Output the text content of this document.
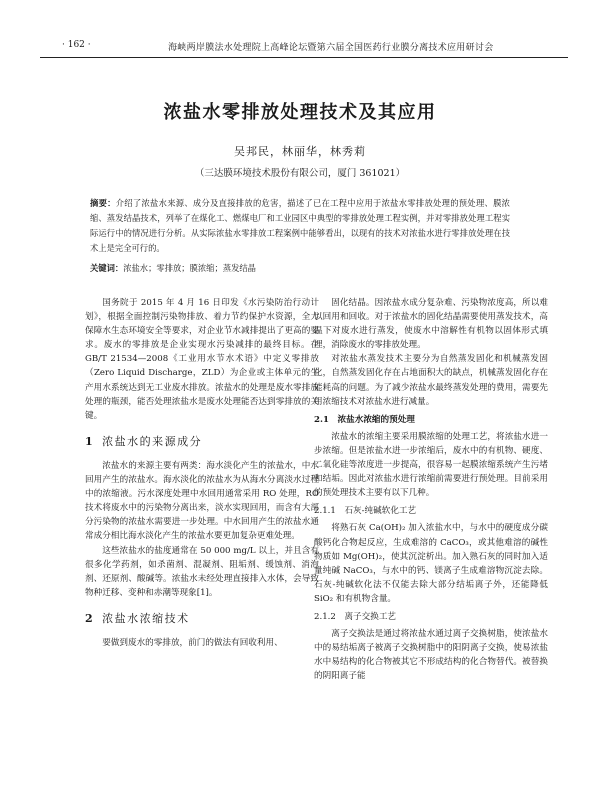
· 162 ·	海峡两岸膜法水处理院上高峰论坛暨第六届全国医药行业膜分离技术应用研讨会
浓盐水零排放处理技术及其应用
吴邦民，林丽华，林秀莉
（三达膜环境技术股份有限公司，厦门 361021）
摘要：介绍了浓盐水来源、成分及直接排放的危害，描述了已在工程中应用于浓盐水零排放处理的预处理、膜浓缩、蒸发结晶技术，列举了在煤化工、燃煤电厂和工业园区中典型的零排放处理工程实例，并对零排放处理工程实际运行中的情况进行分析。从实际浓盐水零排放工程案例中能够看出，以现有的技术对浓盐水进行零排放处理在技术上是完全可行的。
关键词：浓盐水；零排放；膜浓缩；蒸发结晶

国务院于 2015 年 4 月 16 日印发《水污染防治行动计划》，根据全面控制污染物排放、着力节约保护水资源，全力保障水生态环境安全等要求，对企业节水减排提出了更高的要求。废水的零排放是企业实现水污染减排的最终目标。在 GB/T 21534—2008《工业用水节水术语》中定义零排放（Zero Liquid Discharge，ZLD）为企业或主体单元的生产用水系统达到无工业废水排放。浓盐水的处理是废水零排放处理的瓶颈，能否处理浓盐水是废水处理能否达到零排放的关键。

1 浓盐水的来源成分

浓盐水的来源主要有两类：海水淡化产生的浓盐水，中水回用产生的浓盐水。海水淡化的浓盐水为从海水分离淡水过程中的浓缩液。污水深度处理中水回用通常采用 RO 处理，RO 技术将废水中的污染物分离出来，淡水实现回用，而含有大部分污染物的浓盐水需要进一步处理。中水回用产生的浓盐水通常成分相比海水淡化产生的浓盐水要更加复杂更难处理。

这些浓盐水的盐度通常在 50 000 mg/L 以上，并且含有很多化学药剂，如杀菌剂、混凝剂、阻垢剂、缓蚀剂、消泡剂、还原剂、酸碱等。浓盐水未经处理直接排入水体，会导致物种迁移、变种和赤潮等现象[1]。

2 浓盐水浓缩技术

要做到废水的零排放，前门的做法有回收利用、

固化结晶。因浓盐水成分复杂难、污染物浓度高，所以难以回用和回收。对于浓盐水的固化结晶需要使用蒸发技术，高温下对废水进行蒸发，使废水中溶解性有机物以固体形式填埋，消除废水的零排放处理。

对浓盐水蒸发技术主要分为自然蒸发固化和机械蒸发固化，自然蒸发固化存在占地面积大的缺点，机械蒸发固化存在能耗高的问题。为了减少浓盐水最终蒸发处理的费用，需要先用浓缩技术对浓盐水进行减量。

2.1　浓盐水浓缩的预处理

浓盐水的浓缩主要采用膜浓缩的处理工艺，将浓盐水进一步浓缩。但是浓盐水进一步浓缩后，废水中的有机物、硬度、二氧化硅等浓度进一步提高，很容易一起膜浓缩系统产生污堵和结垢。因此对浓盐水进行浓缩前需要进行预处理。目前采用的预处理技术主要有以下几种。

2.1.1　石灰-纯碱软化工艺

将熟石灰 Ca(OH)₂ 加入浓盐水中，与水中的硬度成分碳酸钙化合物起反应，生成难溶的 CaCO₃，或其他难溶的碱性物质如 Mg(OH)₂，使其沉淀析出。加入熟石灰的同时加入适量纯碱 NaCO₃，与水中的钙、镁离子生成难溶物沉淀去除。石灰-纯碱软化法不仅能去除大部分结垢离子外，还能降低 SiO₂ 和有机物含量。

2.1.2　离子交换工艺

离子交换法是通过将浓盐水通过离子交换树脂，使浓盐水中的易结垢离子被离子交换树脂中的阳阴离子交换，使易浓盐水中易结构的化合物被其它不形成结构的化合物替代。被替换的阴阳离子能
